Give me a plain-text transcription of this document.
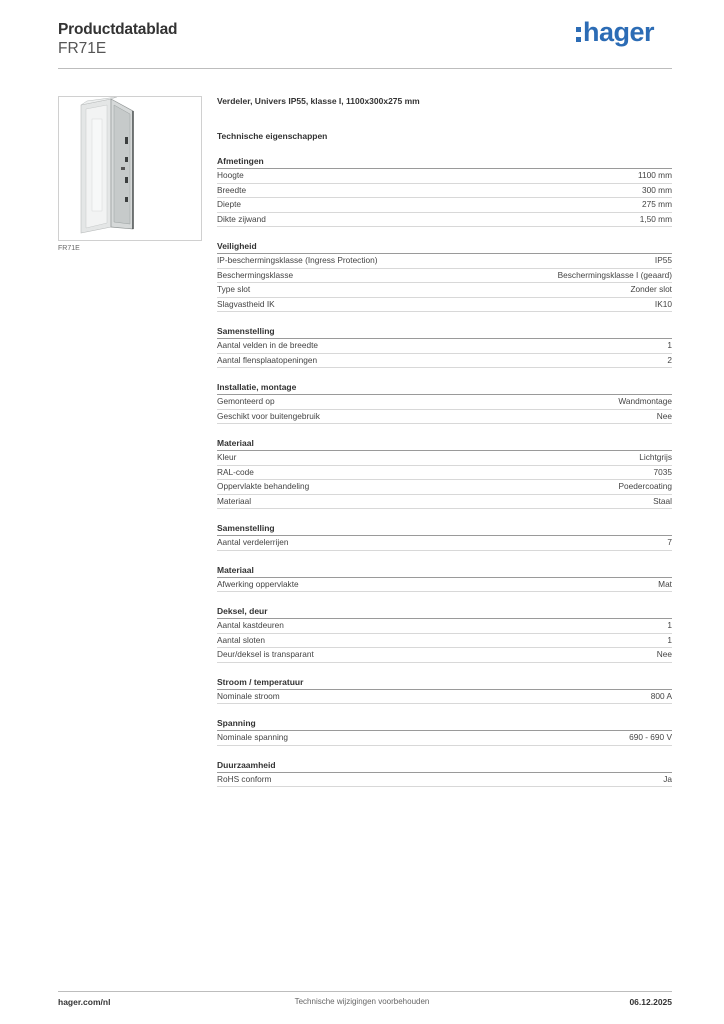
Productdatablad
FR71E
hager
FR71E
Verdeler, Univers IP55, klasse I, 1100x300x275 mm
Technische eigenschappen
Afmetingen
Hoogte	1100 mm
Breedte	300 mm
Diepte	275 mm
Dikte zijwand	1,50 mm
Veiligheid
IP-beschermingsklasse (Ingress Protection)	IP55
Beschermingsklasse	Beschermingsklasse I (geaard)
Type slot	Zonder slot
Slagvastheid IK	IK10
Samenstelling
Aantal velden in de breedte	1
Aantal flensplaatopeningen	2
Installatie, montage
Gemonteerd op	Wandmontage
Geschikt voor buitengebruik	Nee
Materiaal
Kleur	Lichtgrijs
RAL-code	7035
Oppervlakte behandeling	Poedercoating
Materiaal	Staal
Samenstelling
Aantal verdelerrijen	7
Materiaal
Afwerking oppervlakte	Mat
Deksel, deur
Aantal kastdeuren	1
Aantal sloten	1
Deur/deksel is transparant	Nee
Stroom / temperatuur
Nominale stroom	800 A
Spanning
Nominale spanning	690 - 690 V
Duurzaamheid
RoHS conform	Ja
hager.com/nl	Technische wijzigingen voorbehouden	06.12.2025
